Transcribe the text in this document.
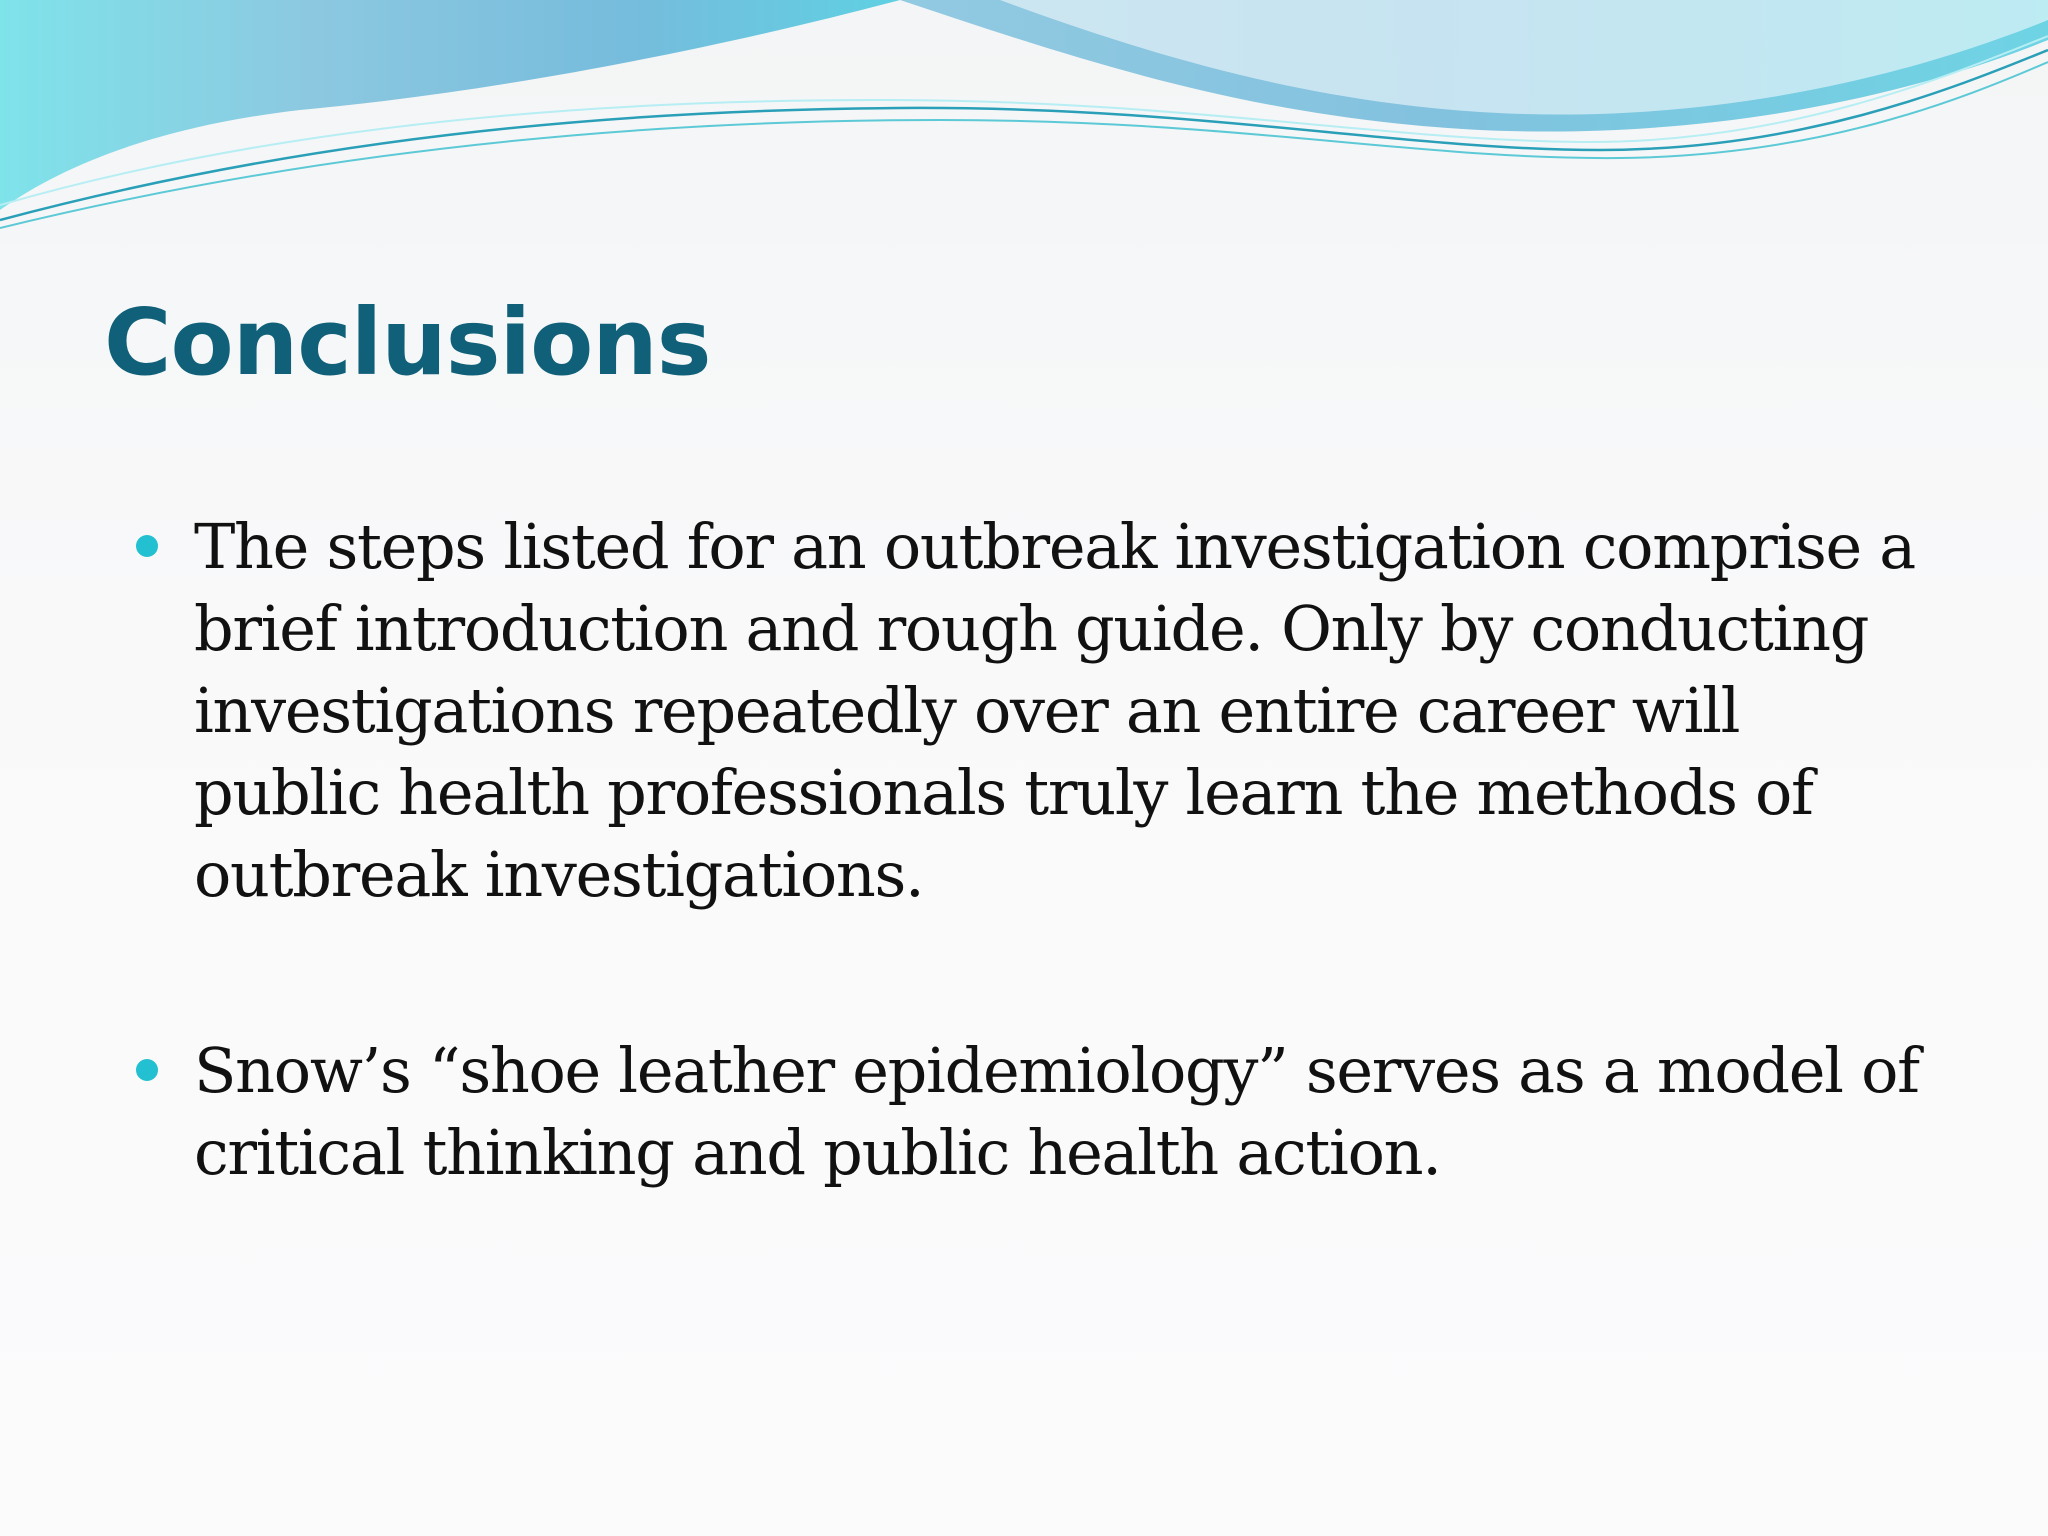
Conclusions
The steps listed for an outbreak investigation comprise a brief introduction and rough guide. Only by conducting investigations repeatedly over an entire career will public health professionals truly learn the methods of outbreak investigations.
Snow’s “shoe leather epidemiology” serves as a model of critical thinking and public health action.
